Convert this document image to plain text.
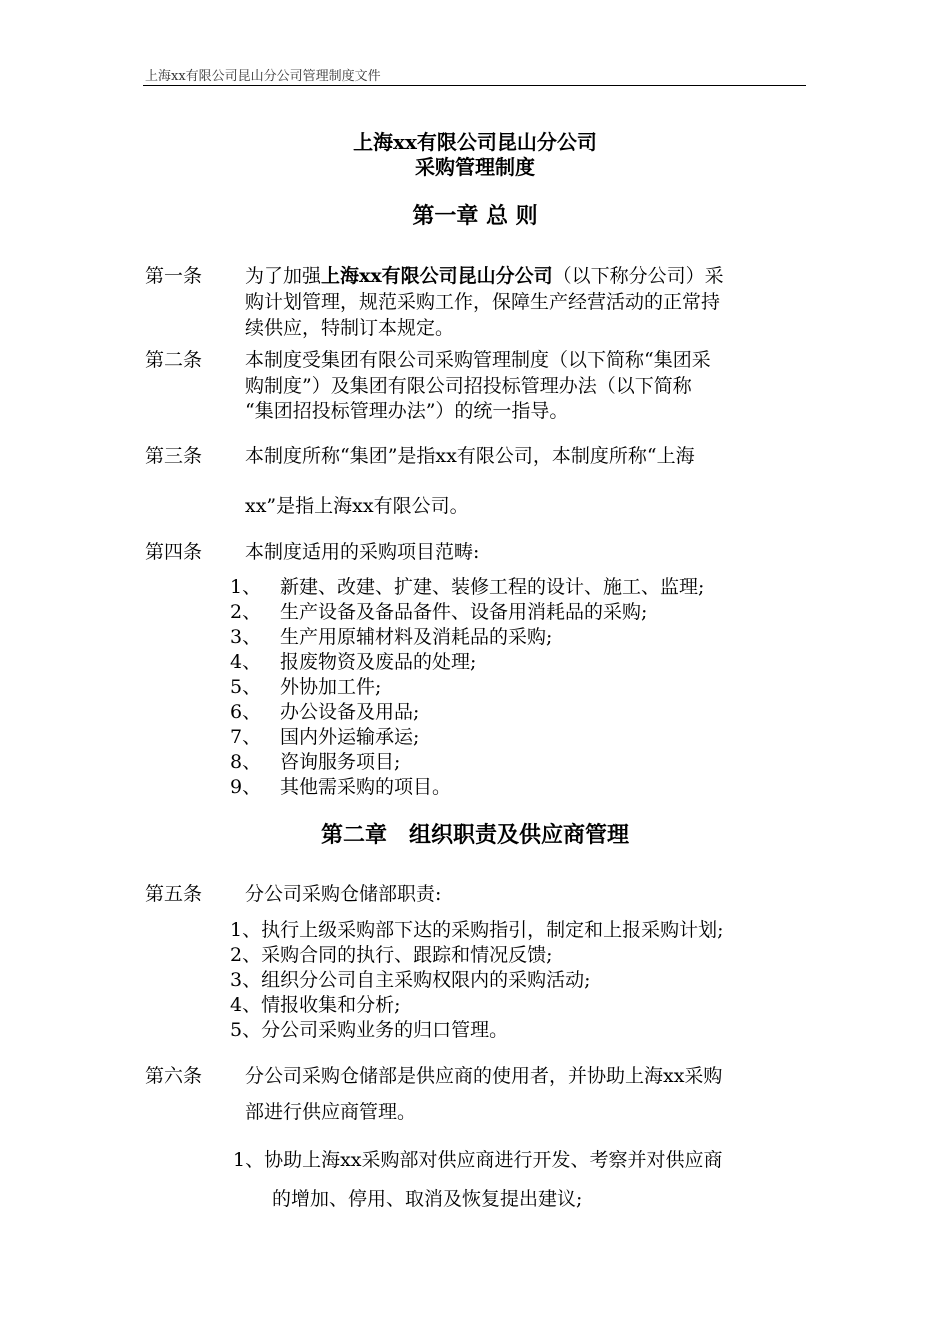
上海xx有限公司昆山分公司管理制度文件
上海xx有限公司昆山分公司
采购管理制度
第一章 总 则
第一条 为了加强上海xx有限公司昆山分公司（以下称分公司）采
购计划管理，规范采购工作，保障生产经营活动的正常持
续供应，特制订本规定。
第二条 本制度受集团有限公司采购管理制度（以下简称“集团采
购制度”）及集团有限公司招投标管理办法（以下简称
“集团招投标管理办法”）的统一指导。
第三条 本制度所称“集团”是指xx有限公司，本制度所称“上海
xx”是指上海xx有限公司。
第四条 本制度适用的采购项目范畴:
1、 新建、改建、扩建、装修工程的设计、施工、监理;
2、 生产设备及备品备件、设备用消耗品的采购;
3、 生产用原辅材料及消耗品的采购;
4、 报废物资及废品的处理;
5、 外协加工件;
6、 办公设备及用品;
7、 国内外运输承运;
8、 咨询服务项目;
9、 其他需采购的项目。
第二章　组织职责及供应商管理
第五条 分公司采购仓储部职责:
1、执行上级采购部下达的采购指引，制定和上报采购计划;
2、采购合同的执行、跟踪和情况反馈;
3、组织分公司自主采购权限内的采购活动;
4、情报收集和分析;
5、分公司采购业务的归口管理。
第六条 分公司采购仓储部是供应商的使用者，并协助上海xx采购
部进行供应商管理。
1、协助上海xx采购部对供应商进行开发、考察并对供应商
的增加、停用、取消及恢复提出建议;
